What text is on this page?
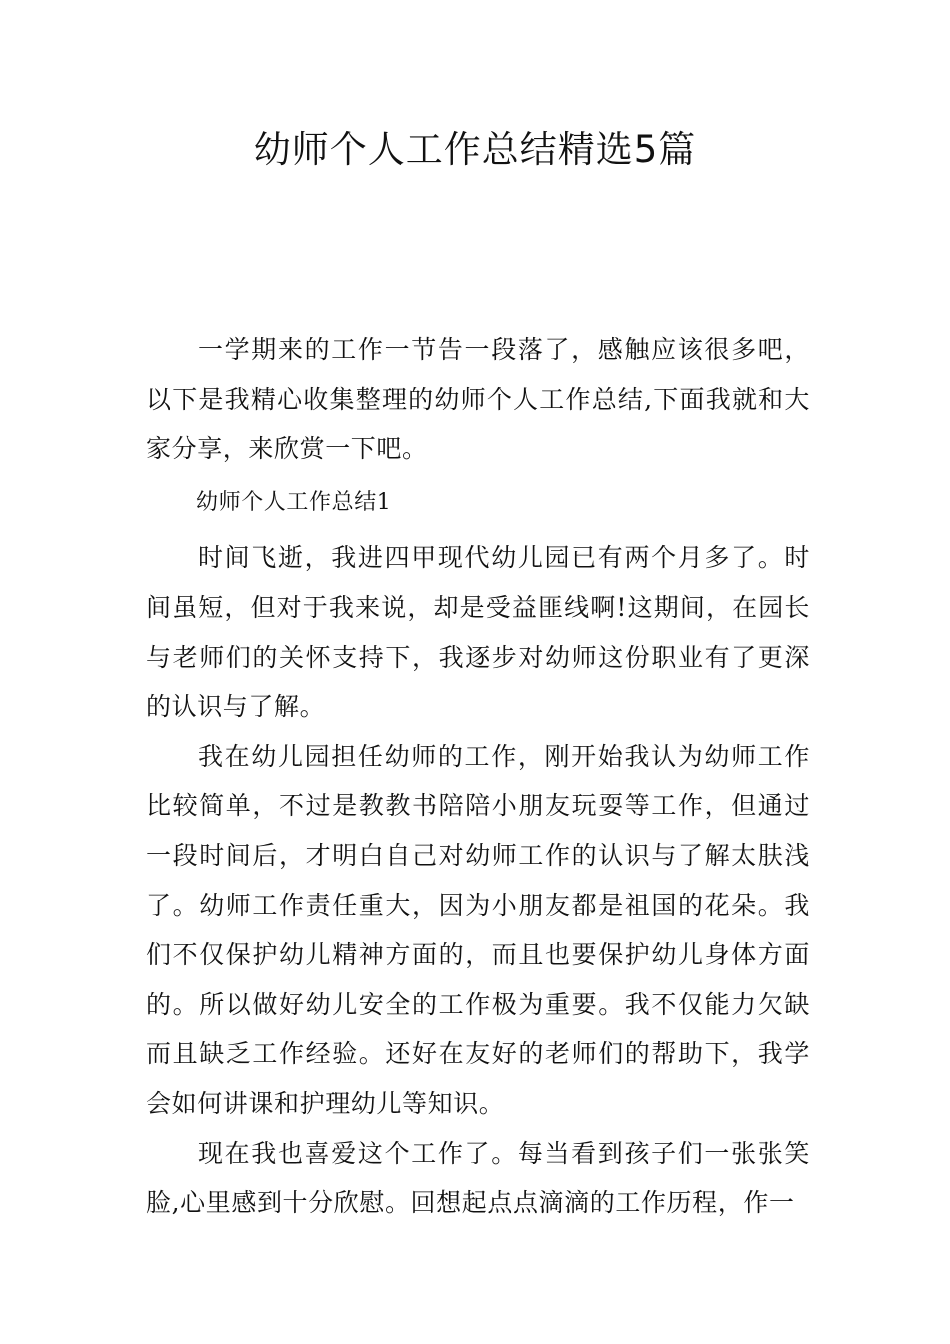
幼师个人工作总结精选5篇

一学期来的工作一节告一段落了，感触应该很多吧，以下是我精心收集整理的幼师个人工作总结,下面我就和大家分享，来欣赏一下吧。

幼师个人工作总结1

时间飞逝，我进四甲现代幼儿园已有两个月多了。时间虽短，但对于我来说，却是受益匪线啊!这期间，在园长与老师们的关怀支持下，我逐步对幼师这份职业有了更深的认识与了解。

我在幼儿园担任幼师的工作，刚开始我认为幼师工作比较简单，不过是教教书陪陪小朋友玩耍等工作，但通过一段时间后，才明白自己对幼师工作的认识与了解太肤浅了。幼师工作责任重大，因为小朋友都是祖国的花朵。我们不仅保护幼儿精神方面的，而且也要保护幼儿身体方面的。所以做好幼儿安全的工作极为重要。我不仅能力欠缺而且缺乏工作经验。还好在友好的老师们的帮助下，我学会如何讲课和护理幼儿等知识。

现在我也喜爱这个工作了。每当看到孩子们一张张笑脸,心里感到十分欣慰。回想起点点滴滴的工作历程，作一
